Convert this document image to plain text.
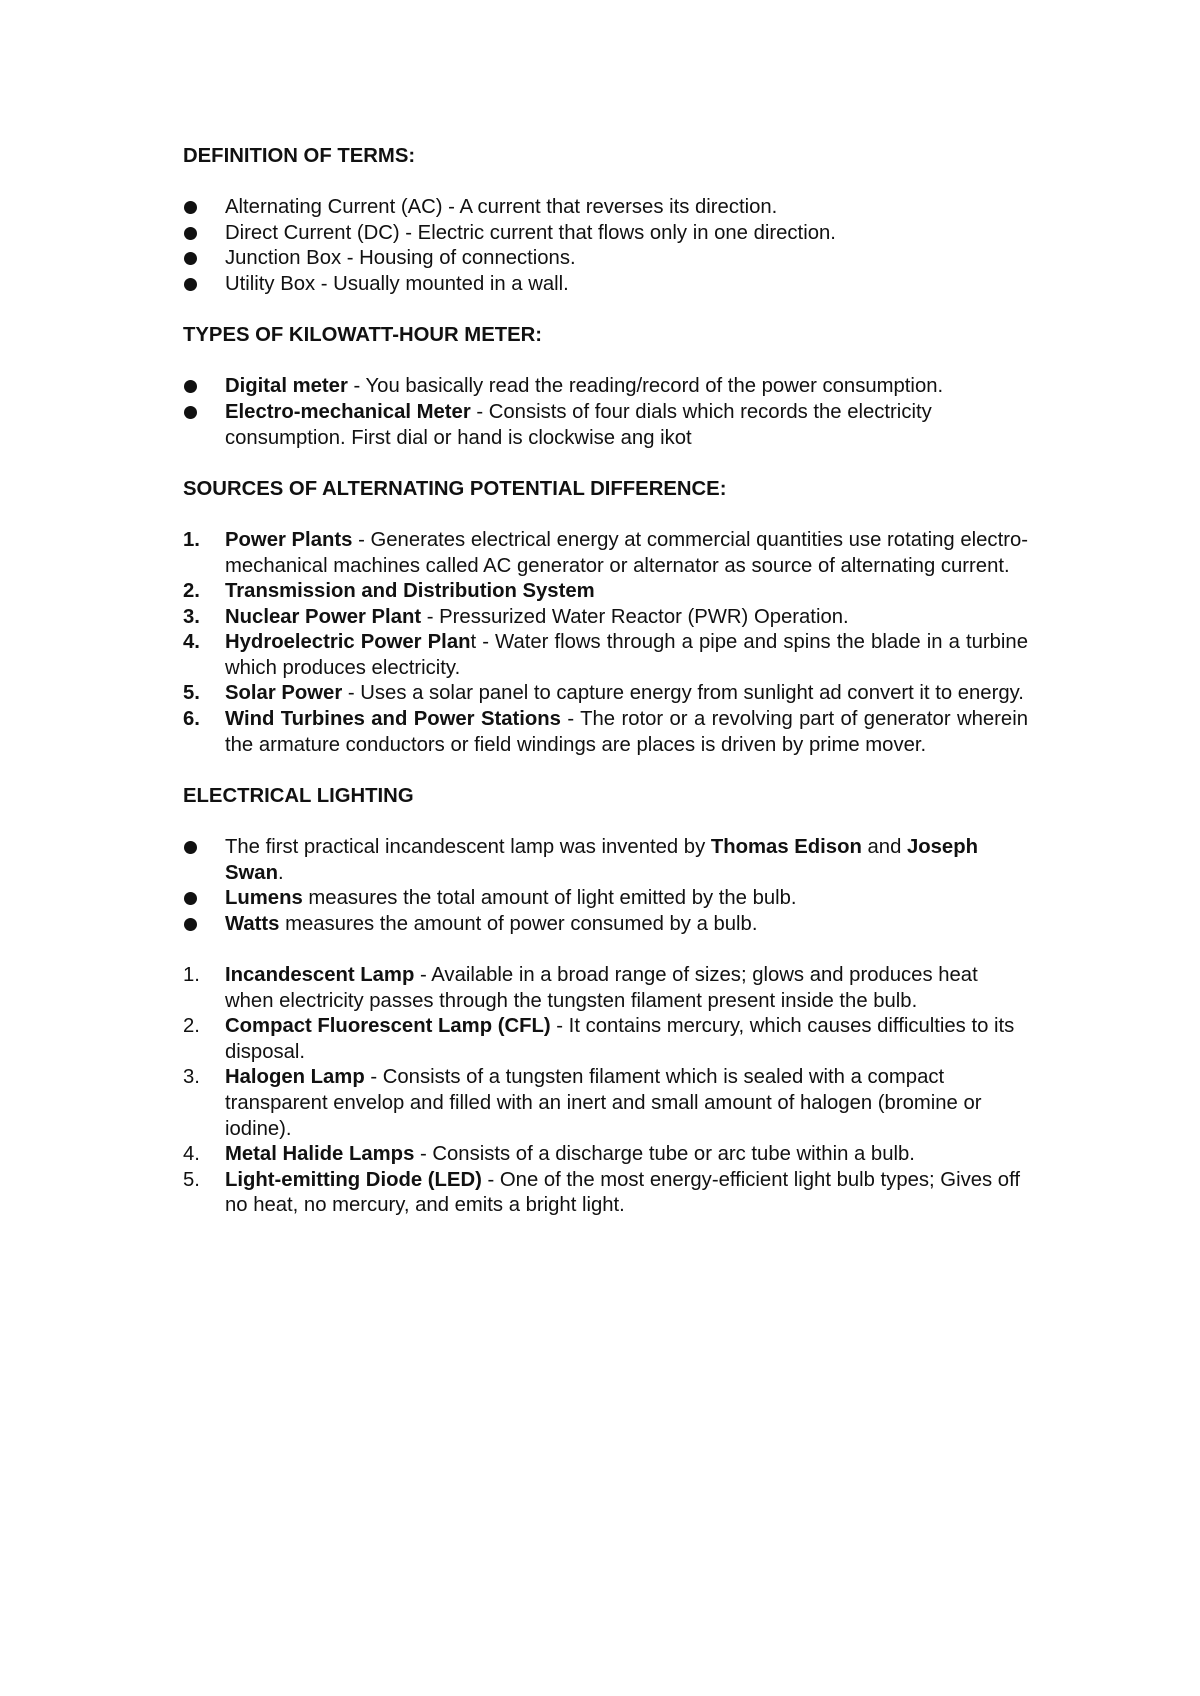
DEFINITION OF TERMS:

Alternating Current (AC) - A current that reverses its direction.
Direct Current (DC) - Electric current that flows only in one direction.
Junction Box - Housing of connections.
Utility Box - Usually mounted in a wall.

TYPES OF KILOWATT-HOUR METER:

Digital meter - You basically read the reading/record of the power consumption.
Electro-mechanical Meter - Consists of four dials which records the electricity consumption. First dial or hand is clockwise ang ikot

SOURCES OF ALTERNATING POTENTIAL DIFFERENCE:

1. Power Plants - Generates electrical energy at commercial quantities use rotating electro-mechanical machines called AC generator or alternator as source of alternating current.
2. Transmission and Distribution System
3. Nuclear Power Plant - Pressurized Water Reactor (PWR) Operation.
4. Hydroelectric Power Plant - Water flows through a pipe and spins the blade in a turbine which produces electricity.
5. Solar Power - Uses a solar panel to capture energy from sunlight ad convert it to energy.
6. Wind Turbines and Power Stations - The rotor or a revolving part of generator wherein the armature conductors or field windings are places is driven by prime mover.

ELECTRICAL LIGHTING

The first practical incandescent lamp was invented by Thomas Edison and Joseph Swan.
Lumens measures the total amount of light emitted by the bulb.
Watts measures the amount of power consumed by a bulb.
1. Incandescent Lamp - Available in a broad range of sizes; glows and produces heat when electricity passes through the tungsten filament present inside the bulb.
2. Compact Fluorescent Lamp (CFL) - It contains mercury, which causes difficulties to its disposal.
3. Halogen Lamp - Consists of a tungsten filament which is sealed with a compact transparent envelop and filled with an inert and small amount of halogen (bromine or iodine).
4. Metal Halide Lamps - Consists of a discharge tube or arc tube within a bulb.
5. Light-emitting Diode (LED) - One of the most energy-efficient light bulb types; Gives off no heat, no mercury, and emits a bright light.
